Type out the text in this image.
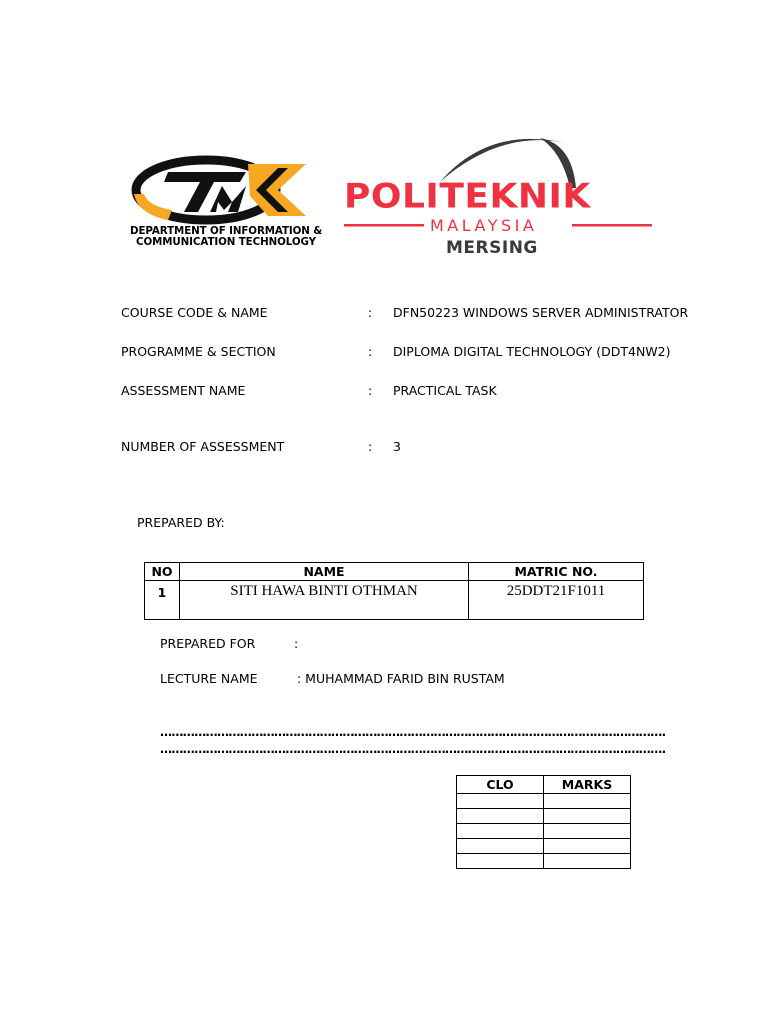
DEPARTMENT OF INFORMATION &
COMMUNICATION TECHNOLOGY
POLITEKNIK
MALAYSIA
MERSING
COURSE CODE & NAME	: DFN50223 WINDOWS SERVER ADMINISTRATOR
PROGRAMME & SECTION	: DIPLOMA DIGITAL TECHNOLOGY (DDT4NW2)
ASSESSMENT NAME	: PRACTICAL TASK
NUMBER OF ASSESSMENT	: 3
PREPARED BY:
NO	NAME	MATRIC NO.
1	SITI HAWA BINTI OTHMAN	25DDT21F1011
PREPARED FOR	:
LECTURE NAME	: MUHAMMAD FARID BIN RUSTAM
…………………………………………………………………………………………………………………….
…………………………………………………………………………………………………………………….
CLO	MARKS
